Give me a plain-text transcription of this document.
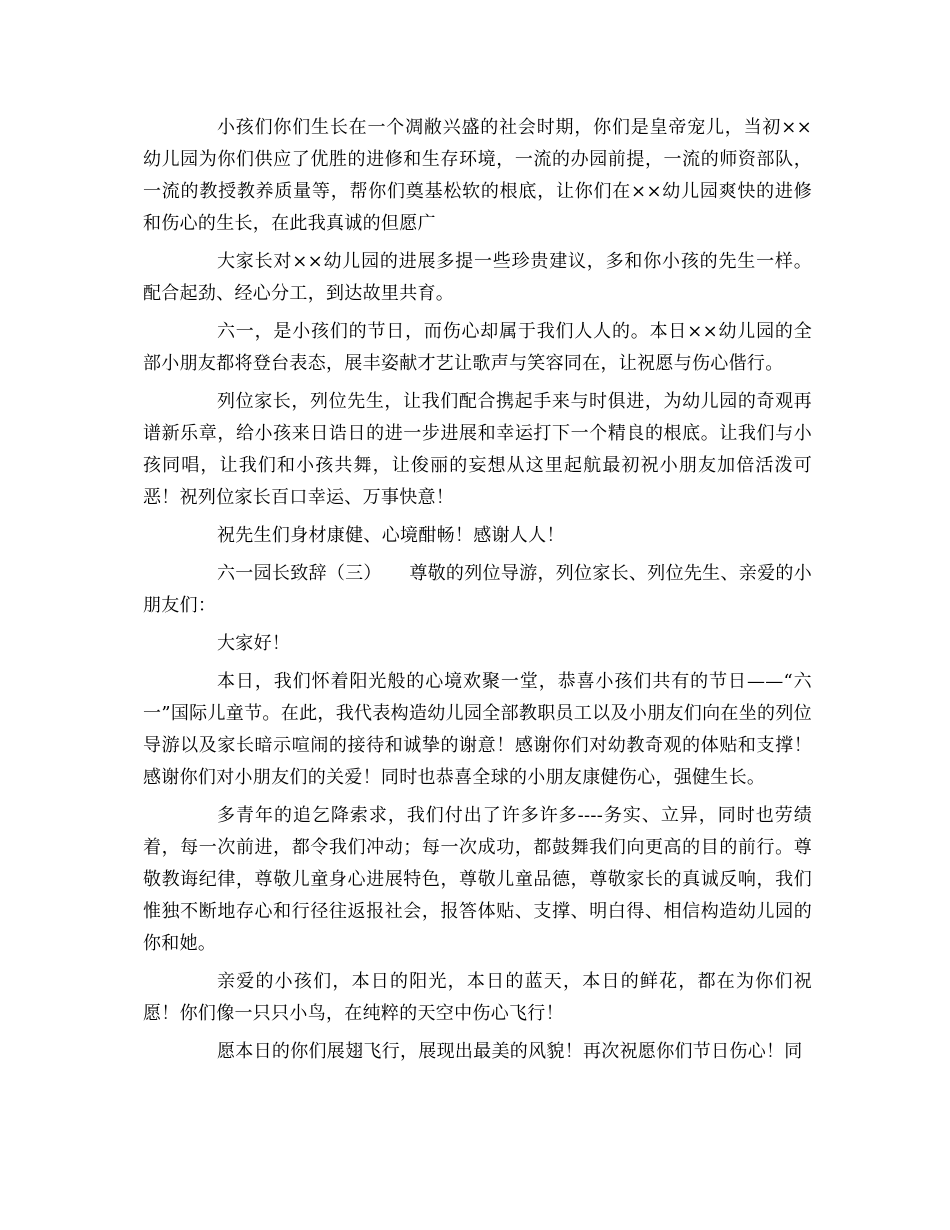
小孩们你们生长在一个凋敝兴盛的社会时期，你们是皇帝宠儿，当初××幼儿园为你们供应了优胜的进修和生存环境，一流的办园前提，一流的师资部队，一流的教授教养质量等，帮你们奠基松软的根底，让你们在××幼儿园爽快的进修和伤心的生长，在此我真诚的但愿广

大家长对××幼儿园的进展多提一些珍贵建议，多和你小孩的先生一样。配合起劲、经心分工，到达故里共育。

六一，是小孩们的节日，而伤心却属于我们人人的。本日××幼儿园的全部小朋友都将登台表态，展丰姿献才艺让歌声与笑容同在，让祝愿与伤心偕行。

列位家长，列位先生，让我们配合携起手来与时俱进，为幼儿园的奇观再谱新乐章，给小孩来日诰日的进一步进展和幸运打下一个精良的根底。让我们与小孩同唱，让我们和小孩共舞，让俊丽的妄想从这里起航最初祝小朋友加倍活泼可恶！祝列位家长百口幸运、万事快意！

祝先生们身材康健、心境酣畅！感谢人人！

六一园长致辞（三）　　尊敬的列位导游，列位家长、列位先生、亲爱的小朋友们：

大家好！

本日，我们怀着阳光般的心境欢聚一堂，恭喜小孩们共有的节日——“六一”国际儿童节。在此，我代表构造幼儿园全部教职员工以及小朋友们向在坐的列位导游以及家长暗示喧闹的接待和诚挚的谢意！感谢你们对幼教奇观的体贴和支撑！感谢你们对小朋友们的关爱！同时也恭喜全球的小朋友康健伤心，强健生长。

多青年的追乞降索求，我们付出了许多许多----务实、立异，同时也劳绩着，每一次前进，都令我们冲动；每一次成功，都鼓舞我们向更高的目的前行。尊敬教诲纪律，尊敬儿童身心进展特色，尊敬儿童品德，尊敬家长的真诚反响，我们惟独不断地存心和行径往返报社会，报答体贴、支撑、明白得、相信构造幼儿园的你和她。

亲爱的小孩们，本日的阳光，本日的蓝天，本日的鲜花，都在为你们祝愿！你们像一只只小鸟，在纯粹的天空中伤心飞行！

愿本日的你们展翅飞行，展现出最美的风貌！再次祝愿你们节日伤心！同
